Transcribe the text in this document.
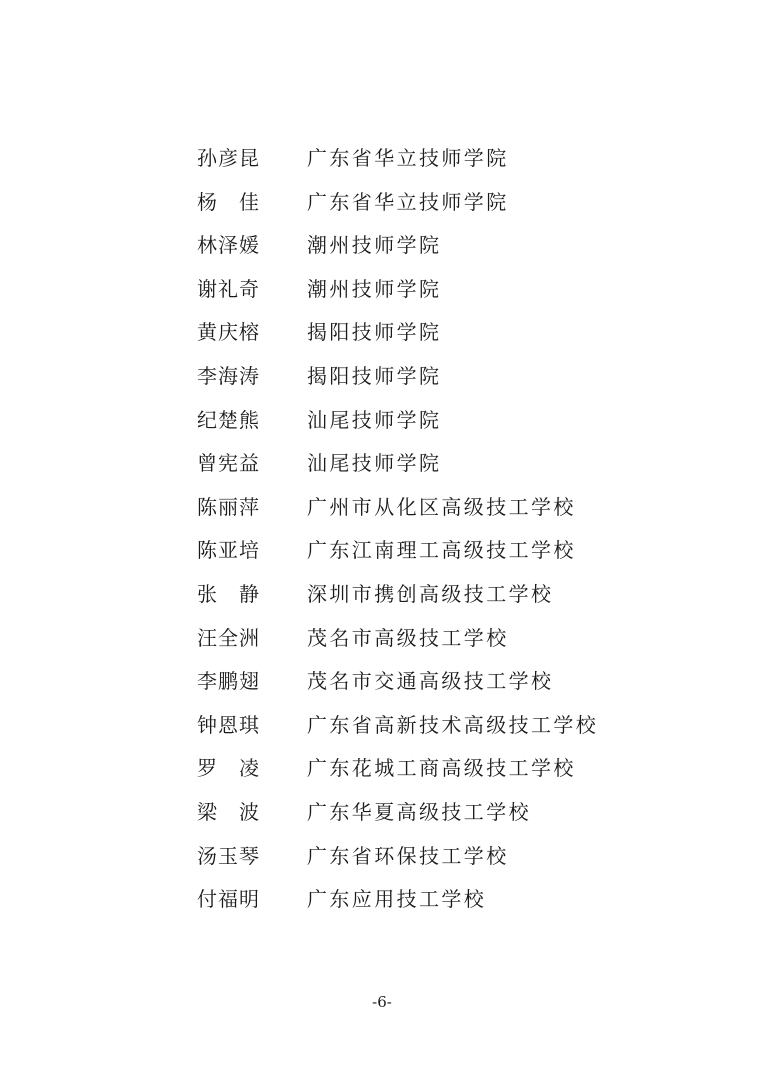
孙彦昆 广东省华立技师学院
杨　佳 广东省华立技师学院
林泽媛 潮州技师学院
谢礼奇 潮州技师学院
黄庆榕 揭阳技师学院
李海涛 揭阳技师学院
纪楚熊 汕尾技师学院
曾宪益 汕尾技师学院
陈丽萍 广州市从化区高级技工学校
陈亚培 广东江南理工高级技工学校
张　静 深圳市携创高级技工学校
汪全洲 茂名市高级技工学校
李鹏翅 茂名市交通高级技工学校
钟恩琪 广东省高新技术高级技工学校
罗　凌 广东花城工商高级技工学校
梁　波 广东华夏高级技工学校
汤玉琴 广东省环保技工学校
付福明 广东应用技工学校
-6-
